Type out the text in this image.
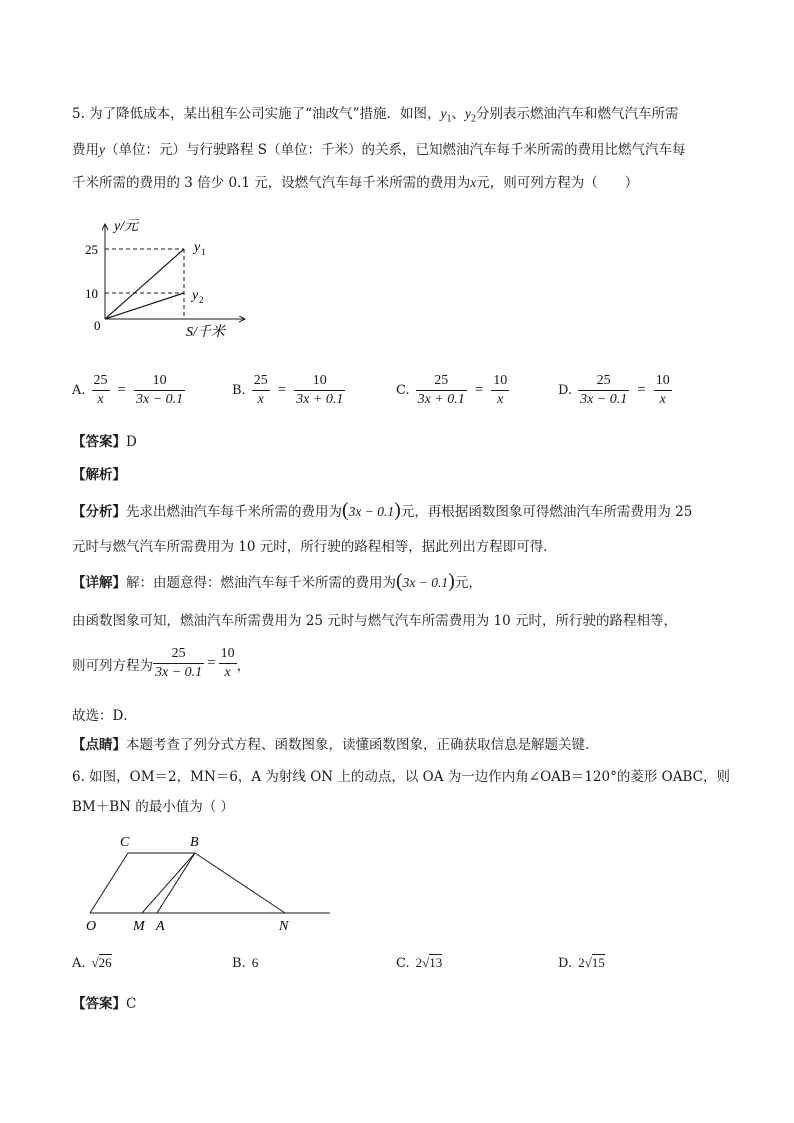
5. 为了降低成本，某出租车公司实施了“油改气”措施．如图，$y_1$、$y_2$分别表示燃油汽车和燃气汽车所需
费用y（单位：元）与行驶路程 S（单位：千米）的关系，已知燃油汽车每千米所需的费用比燃气汽车每
千米所需的费用的 3 倍少 0.1 元，设燃气汽车每千米所需的费用为x元，则可列方程为（　　）
y/元
S/千米
0
25
10
y 1
y 2
A. $\frac{25}{x} = \frac{10}{3x - 0.1}$	B. $\frac{25}{x} = \frac{10}{3x + 0.1}$	C. $\frac{25}{3x + 0.1} = \frac{10}{x}$	D. $\frac{25}{3x - 0.1} = \frac{10}{x}$
【答案】D
【解析】
【分析】先求出燃油汽车每千米所需的费用为(3x − 0.1)元，再根据函数图象可得燃油汽车所需费用为 25
元时与燃气汽车所需费用为 10 元时，所行驶的路程相等，据此列出方程即可得．
【详解】解：由题意得：燃油汽车每千米所需的费用为(3x − 0.1)元，
由函数图象可知，燃油汽车所需费用为 25 元时与燃气汽车所需费用为 10 元时，所行驶的路程相等，
则可列方程为 $\frac{25}{3x - 0.1} = \frac{10}{x}$ ，
故选：D．
【点睛】本题考查了列分式方程、函数图象，读懂函数图象，正确获取信息是解题关键．
6. 如图，OM＝2，MN＝6，A 为射线 ON 上的动点，以 OA 为一边作内角∠OAB＝120°的菱形 OABC，则
BM＋BN 的最小值为（ ）
C	B
O	M A	N
A. √26	B. 6	C. 2√13	D. 2√15
【答案】C
